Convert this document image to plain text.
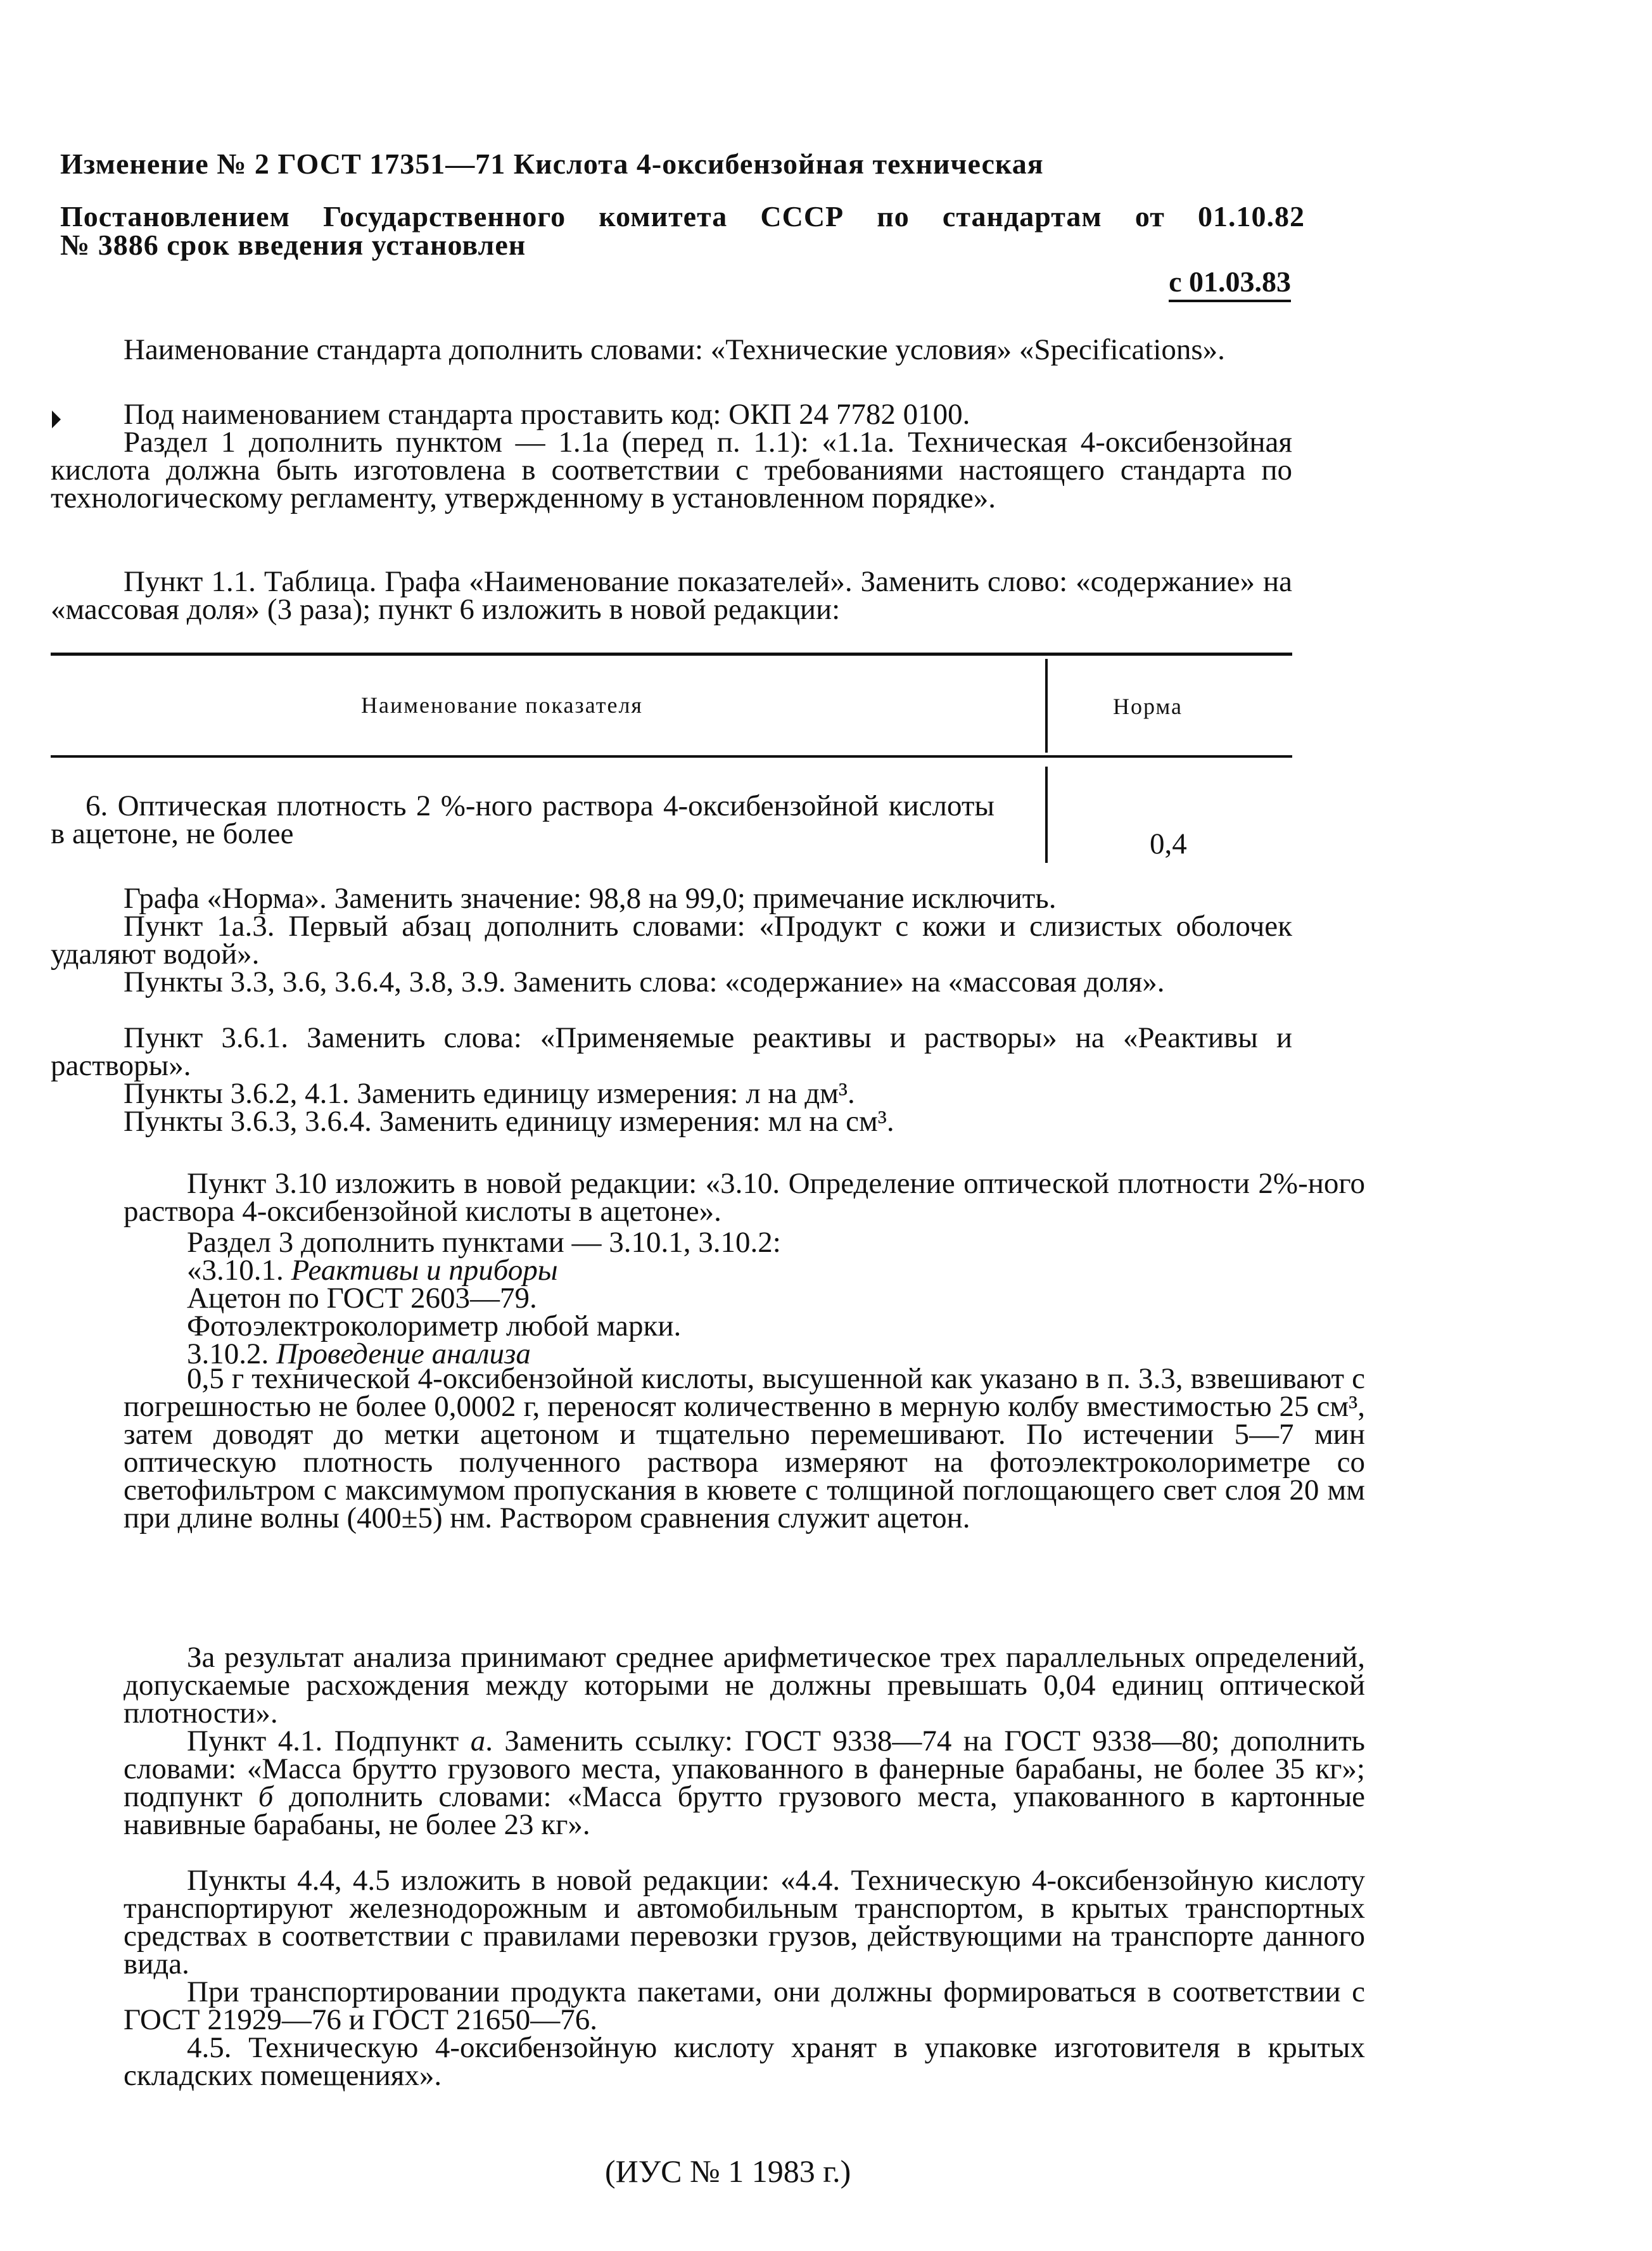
Изменение № 2 ГОСТ 17351—71 Кислота 4-оксибензойная техническая
Постановлением Государственного комитета СССР по стандартам от 01.10.82
№ 3886 срок введения установлен
с 01.03.83
Наименование стандарта дополнить словами: «Технические условия» «Specifications».
Под наименованием стандарта проставить код: ОКП 24 7782 0100.
Раздел 1 дополнить пунктом — 1.1а (перед п. 1.1): «1.1а. Техническая 4-оксибензойная кислота должна быть изготовлена в соответствии с требованиями настоящего стандарта по технологическому регламенту, утвержденному в установленном порядке».
Пункт 1.1. Таблица. Графа «Наименование показателей». Заменить слово: «содержание» на «массовая доля» (3 раза); пункт 6 изложить в новой редакции:
Наименование показателя	Норма
6. Оптическая плотность 2 %-ного раствора 4-оксибензойной кислоты в ацетоне, не более	0,4
Графа «Норма». Заменить значение: 98,8 на 99,0; примечание исключить.
Пункт 1а.3. Первый абзац дополнить словами: «Продукт с кожи и слизистых оболочек удаляют водой».
Пункты 3.3, 3.6, 3.6.4, 3.8, 3.9. Заменить слова: «содержание» на «массовая доля».
Пункт 3.6.1. Заменить слова: «Применяемые реактивы и растворы» на «Реактивы и растворы».
Пункты 3.6.2, 4.1. Заменить единицу измерения: л на дм³.
Пункты 3.6.3, 3.6.4. Заменить единицу измерения: мл на см³.
Пункт 3.10 изложить в новой редакции: «3.10. Определение оптической плотности 2%-ного раствора 4-оксибензойной кислоты в ацетоне».
Раздел 3 дополнить пунктами — 3.10.1, 3.10.2:
«3.10.1. Реактивы и приборы
Ацетон по ГОСТ 2603—79.
Фотоэлектроколориметр любой марки.
3.10.2. Проведение анализа
0,5 г технической 4-оксибензойной кислоты, высушенной как указано в п. 3.3, взвешивают с погрешностью не более 0,0002 г, переносят количественно в мерную колбу вместимостью 25 см³, затем доводят до метки ацетоном и тщательно перемешивают. По истечении 5—7 мин оптическую плотность полученного раствора измеряют на фотоэлектроколориметре со светофильтром с максимумом пропускания в кювете с толщиной поглощающего свет слоя 20 мм при длине волны (400±5) нм. Раствором сравнения служит ацетон.
За результат анализа принимают среднее арифметическое трех параллельных определений, допускаемые расхождения между которыми не должны превышать 0,04 единиц оптической плотности».
Пункт 4.1. Подпункт а. Заменить ссылку: ГОСТ 9338—74 на ГОСТ 9338—80; дополнить словами: «Масса брутто грузового места, упакованного в фанерные барабаны, не более 35 кг»; подпункт б дополнить словами: «Масса брутто грузового места, упакованного в картонные навивные барабаны, не более 23 кг».
Пункты 4.4, 4.5 изложить в новой редакции: «4.4. Техническую 4-оксибензойную кислоту транспортируют железнодорожным и автомобильным транспортом, в крытых транспортных средствах в соответствии с правилами перевозки грузов, действующими на транспорте данного вида.
При транспортировании продукта пакетами, они должны формироваться в соответствии с ГОСТ 21929—76 и ГОСТ 21650—76.
4.5. Техническую 4-оксибензойную кислоту хранят в упаковке изготовителя в крытых складских помещениях».
(ИУС № 1 1983 г.)
